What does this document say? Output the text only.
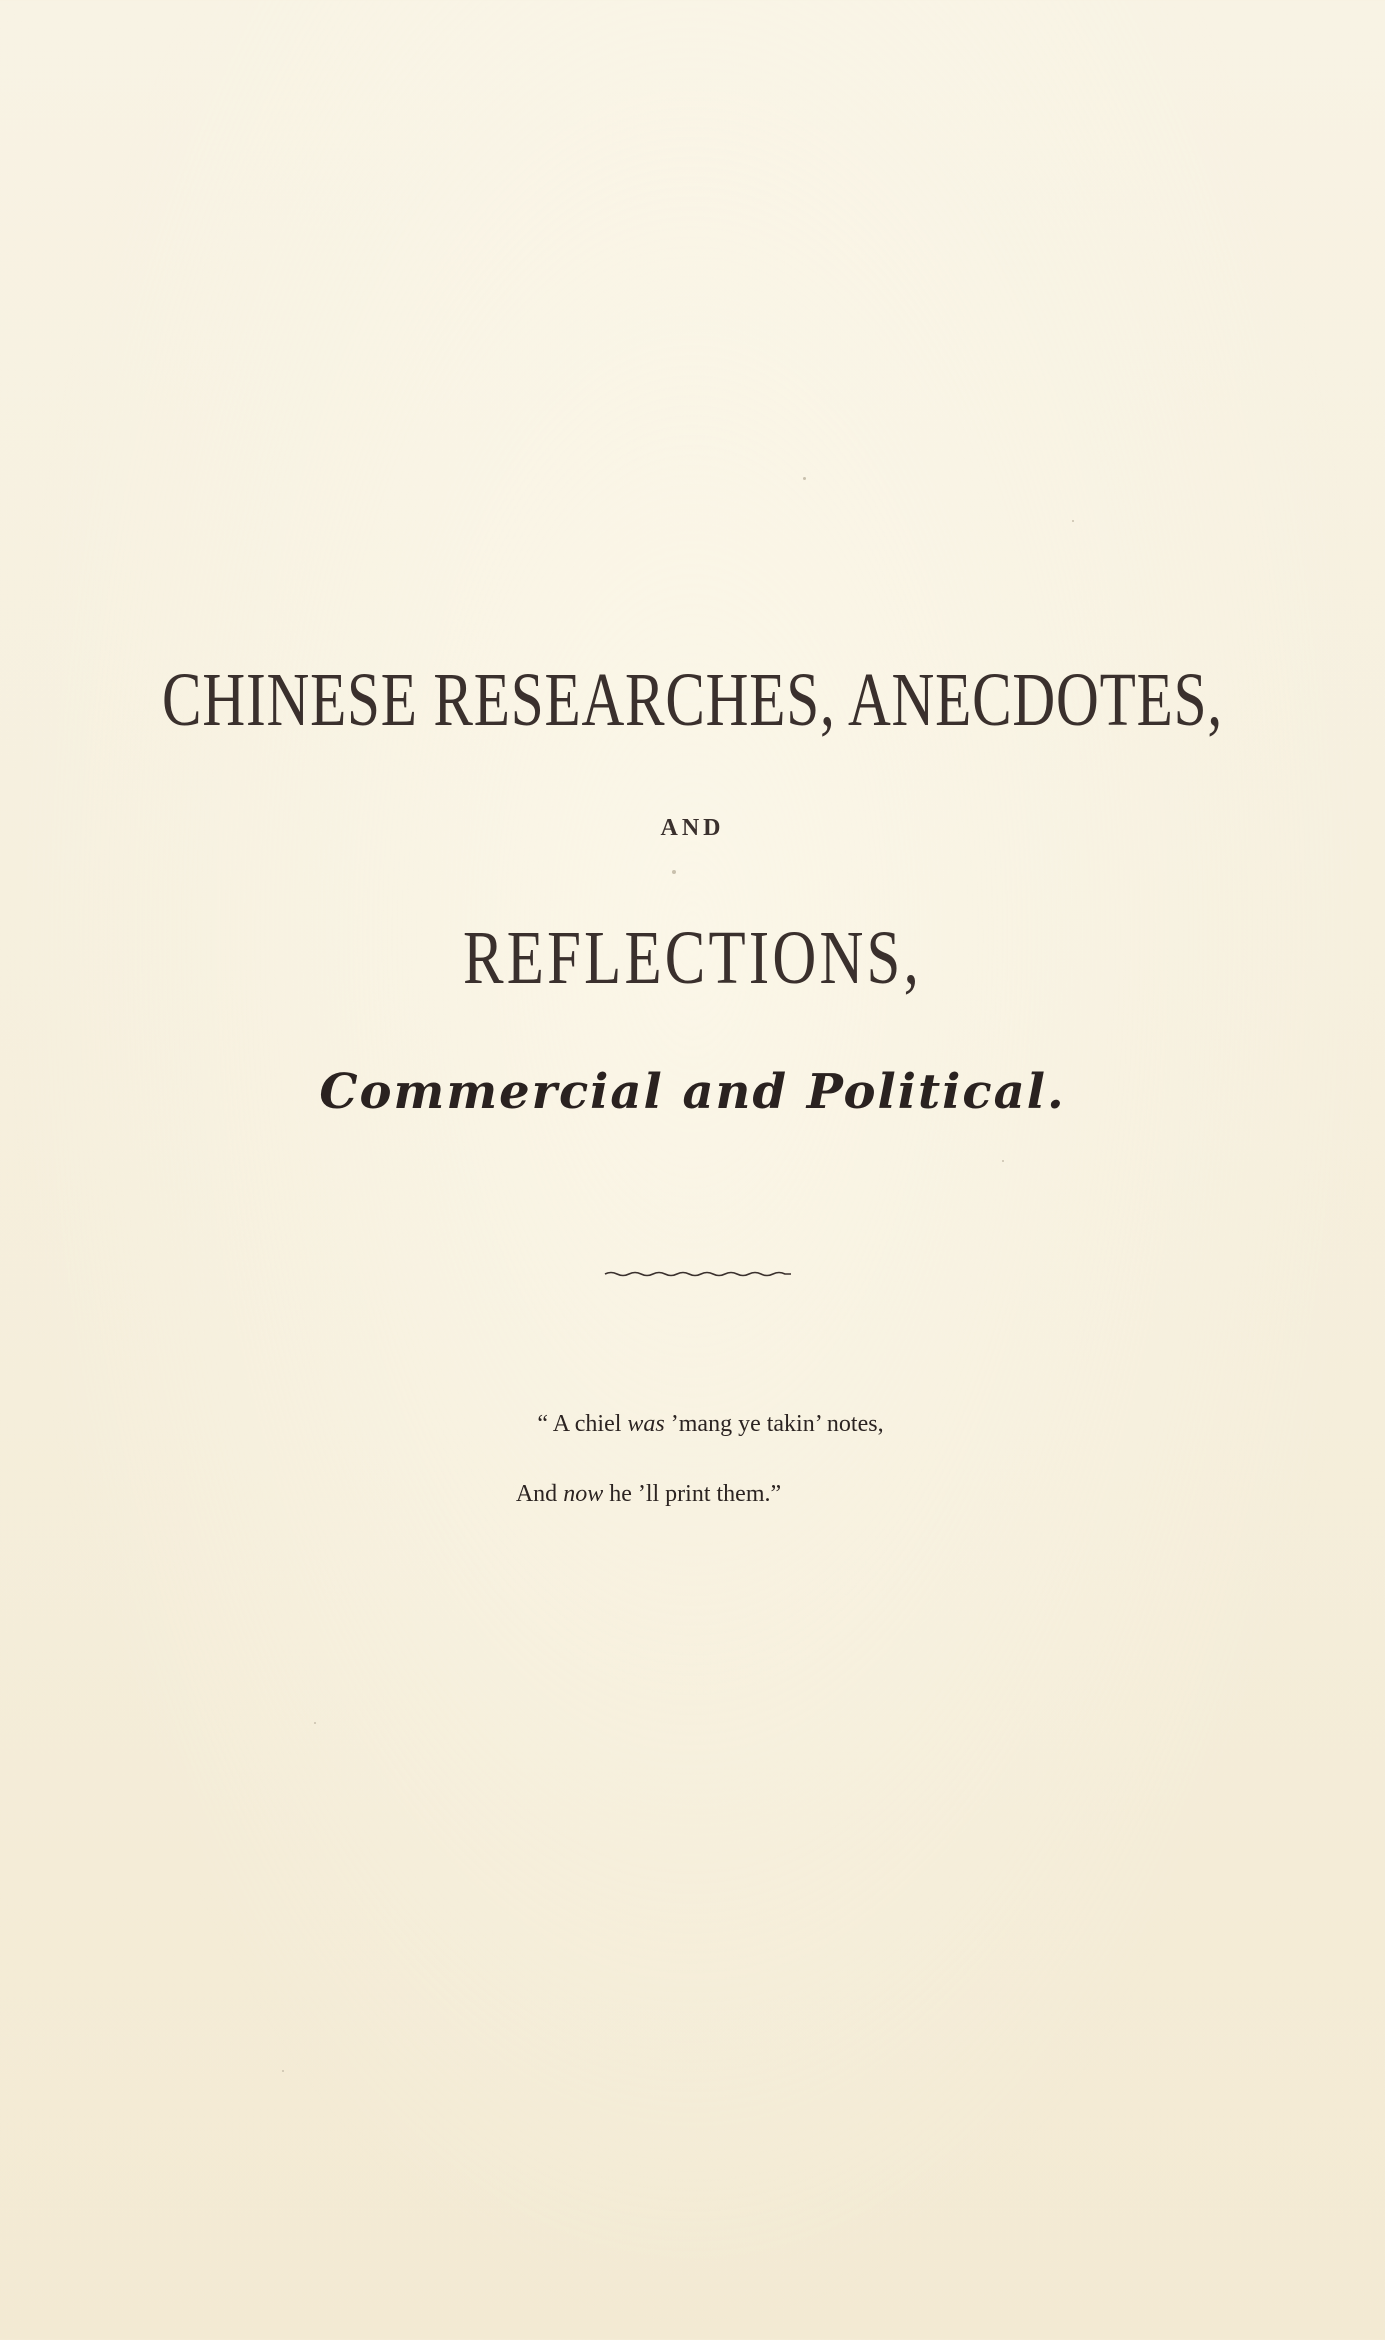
CHINESE RESEARCHES, ANECDOTES,
AND
REFLECTIONS,
Commercial and Political.
“ A chiel was ’mang ye takin’ notes,
And now he ’ll print them.”
